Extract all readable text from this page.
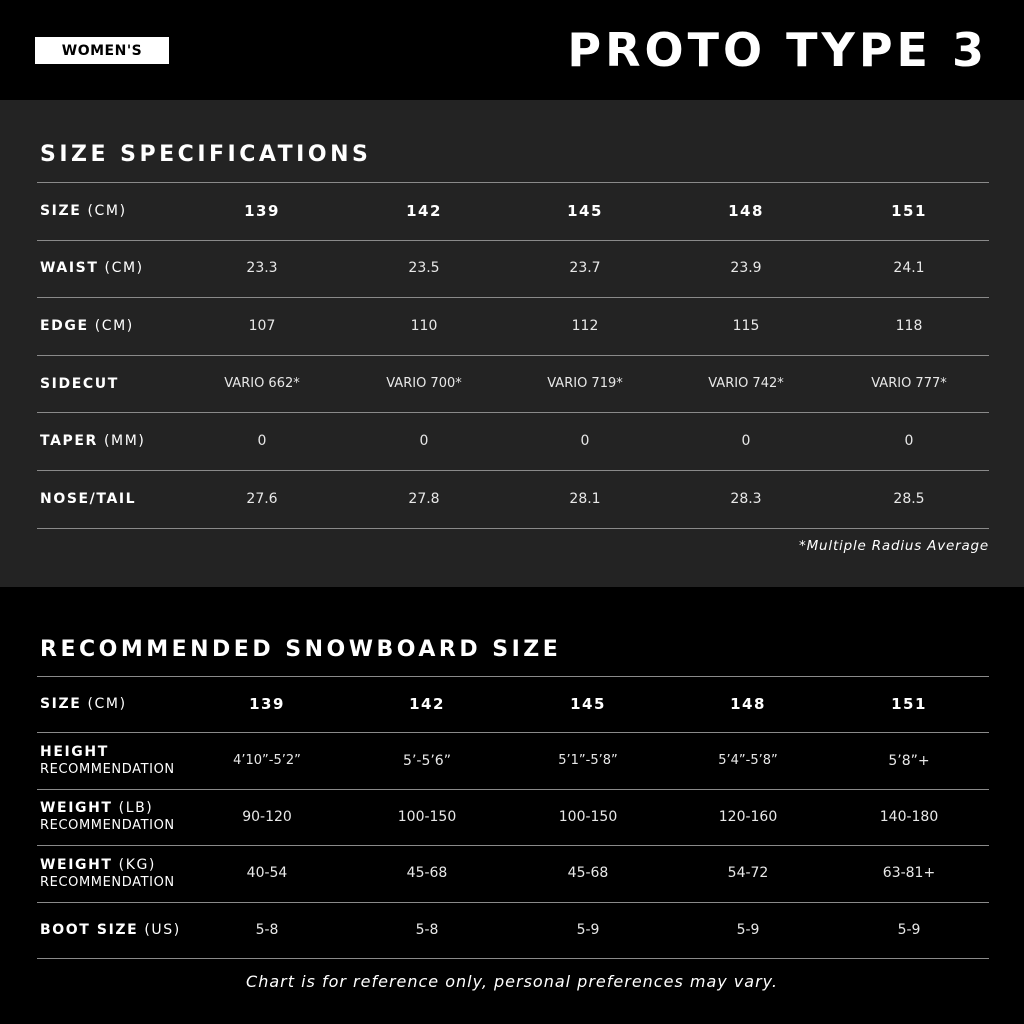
WOMEN'S	PROTO TYPE 3
SIZE SPECIFICATIONS
SIZE (CM)	139	142	145	148	151
WAIST (CM)	23.3	23.5	23.7	23.9	24.1
EDGE (CM)	107	110	112	115	118
SIDECUT	VARIO 662*	VARIO 700*	VARIO 719*	VARIO 742*	VARIO 777*
TAPER (MM)	0	0	0	0	0
NOSE/TAIL	27.6	27.8	28.1	28.3	28.5
*Multiple Radius Average
RECOMMENDED SNOWBOARD SIZE
SIZE (CM)	139	142	145	148	151
HEIGHT
RECOMMENDATION
4’10”-5’2”	5’-5’6”	5’1”-5’8”	5’4”-5’8”	5’8”+
WEIGHT (LB)
RECOMMENDATION
90-120	100-150	100-150	120-160	140-180
WEIGHT (KG)
RECOMMENDATION
40-54	45-68	45-68	54-72	63-81+
BOOT SIZE (US)	5-8	5-8	5-9	5-9	5-9
Chart is for reference only, personal preferences may vary.
